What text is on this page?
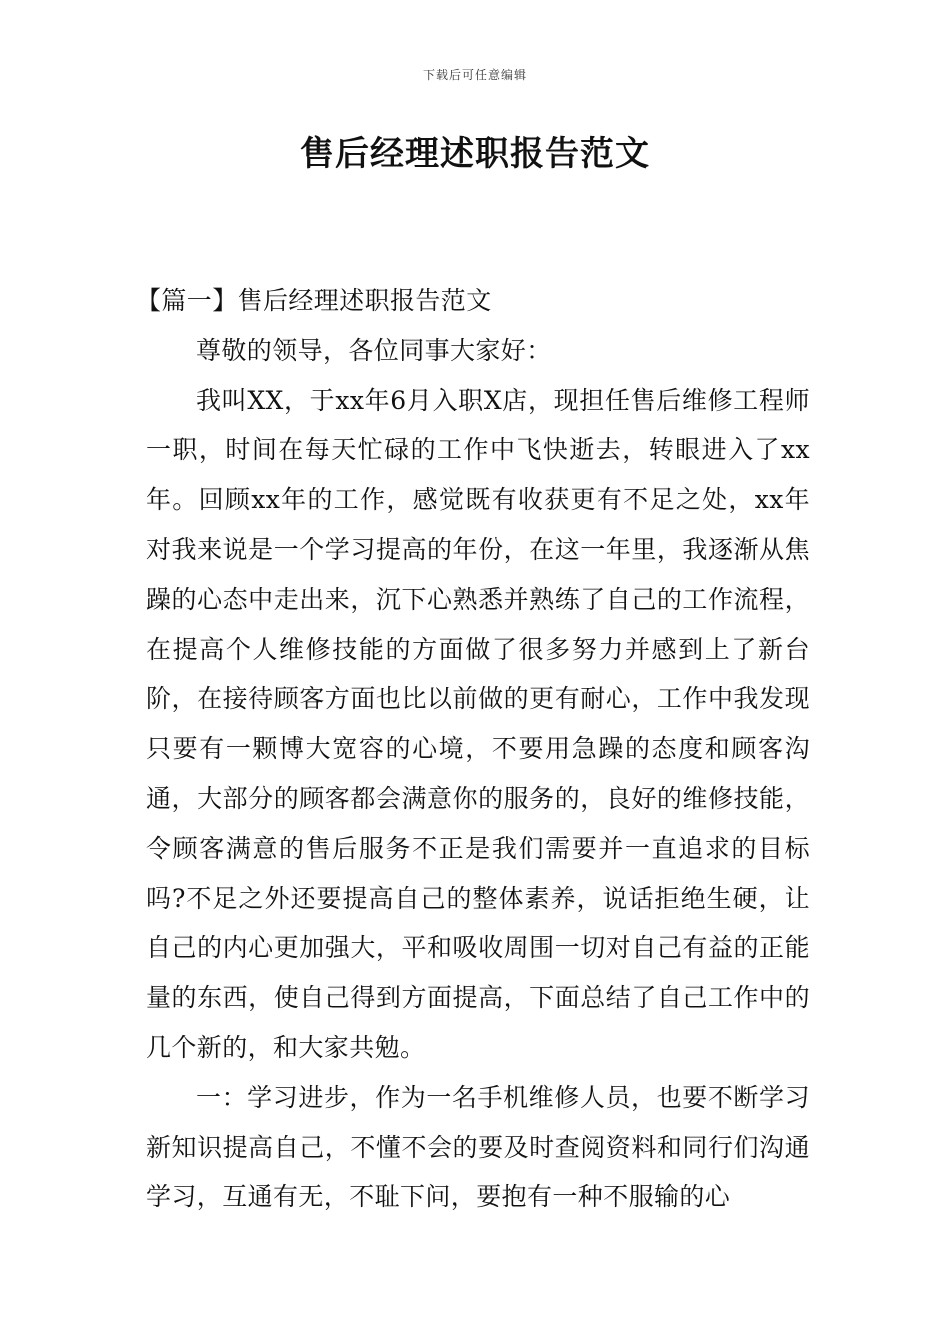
下载后可任意编辑
售后经理述职报告范文

【篇一】售后经理述职报告范文

尊敬的领导，各位同事大家好：

我叫XX，于xx年6月入职X店，现担任售后维修工程师一职，时间在每天忙碌的工作中飞快逝去，转眼进入了xx年。回顾xx年的工作，感觉既有收获更有不足之处，xx年对我来说是一个学习提高的年份，在这一年里，我逐渐从焦躁的心态中走出来，沉下心熟悉并熟练了自己的工作流程，在提高个人维修技能的方面做了很多努力并感到上了新台阶，在接待顾客方面也比以前做的更有耐心，工作中我发现只要有一颗博大宽容的心境，不要用急躁的态度和顾客沟通，大部分的顾客都会满意你的服务的，良好的维修技能，令顾客满意的售后服务不正是我们需要并一直追求的目标吗?不足之外还要提高自己的整体素养，说话拒绝生硬，让自己的内心更加强大，平和吸收周围一切对自己有益的正能量的东西，使自己得到方面提高，下面总结了自己工作中的几个新的，和大家共勉。

一：学习进步，作为一名手机维修人员，也要不断学习新知识提高自己，不懂不会的要及时查阅资料和同行们沟通学习，互通有无，不耻下问，要抱有一种不服输的心
